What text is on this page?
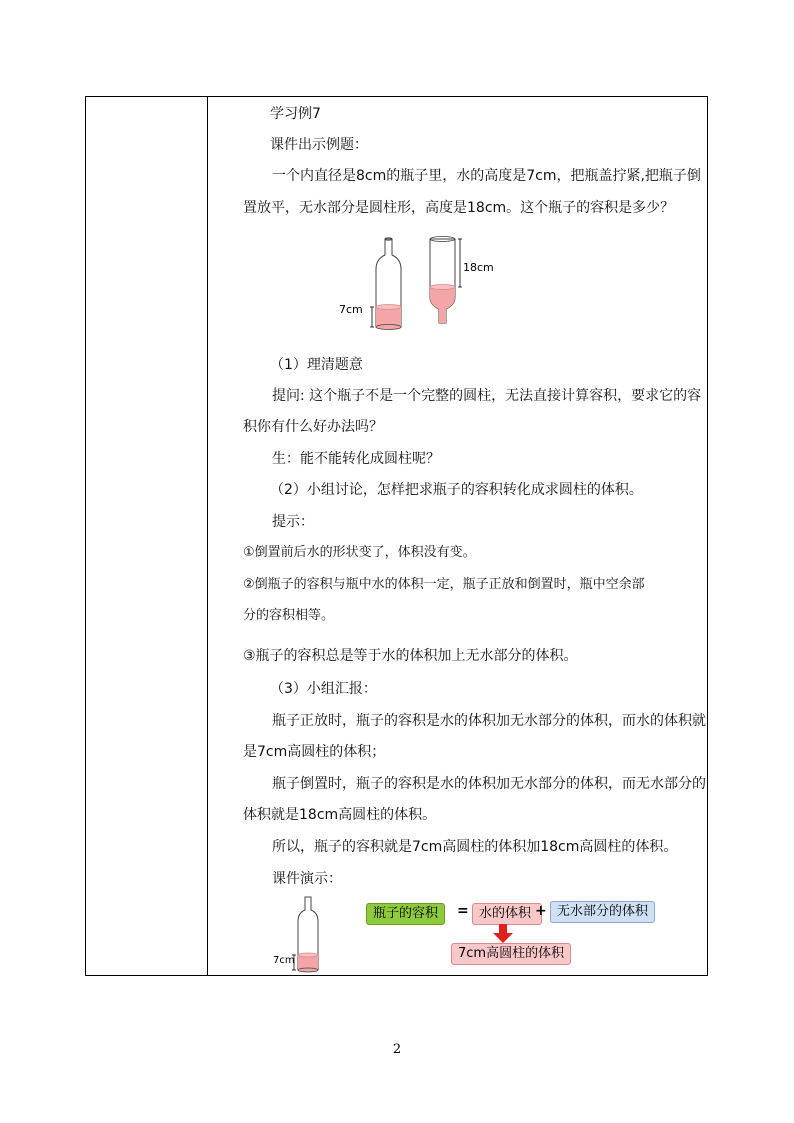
学习例7
课件出示例题：
一个内直径是8cm的瓶子里，水的高度是7cm，把瓶盖拧紧,把瓶子倒
置放平，无水部分是圆柱形，高度是18cm。这个瓶子的容积是多少？
7cm
18cm
（1）理清题意
提问: 这个瓶子不是一个完整的圆柱，无法直接计算容积，要求它的容
积你有什么好办法吗？
生：能不能转化成圆柱呢？
（2）小组讨论，怎样把求瓶子的容积转化成求圆柱的体积。
提示：
①倒置前后水的形状变了，体积没有变。
②倒瓶子的容积与瓶中水的体积一定，瓶子正放和倒置时，瓶中空余部
分的容积相等。
③瓶子的容积总是等于水的体积加上无水部分的体积。
（3）小组汇报：
瓶子正放时，瓶子的容积是水的体积加无水部分的体积，而水的体积就
是7cm高圆柱的体积；
瓶子倒置时，瓶子的容积是水的体积加无水部分的体积，而无水部分的
体积就是18cm高圆柱的体积。
所以，瓶子的容积就是7cm高圆柱的体积加18cm高圆柱的体积。
课件演示：
7cm
瓶子的容积	= 水的体积 + 无水部分的体积
7cm高圆柱的体积
2
